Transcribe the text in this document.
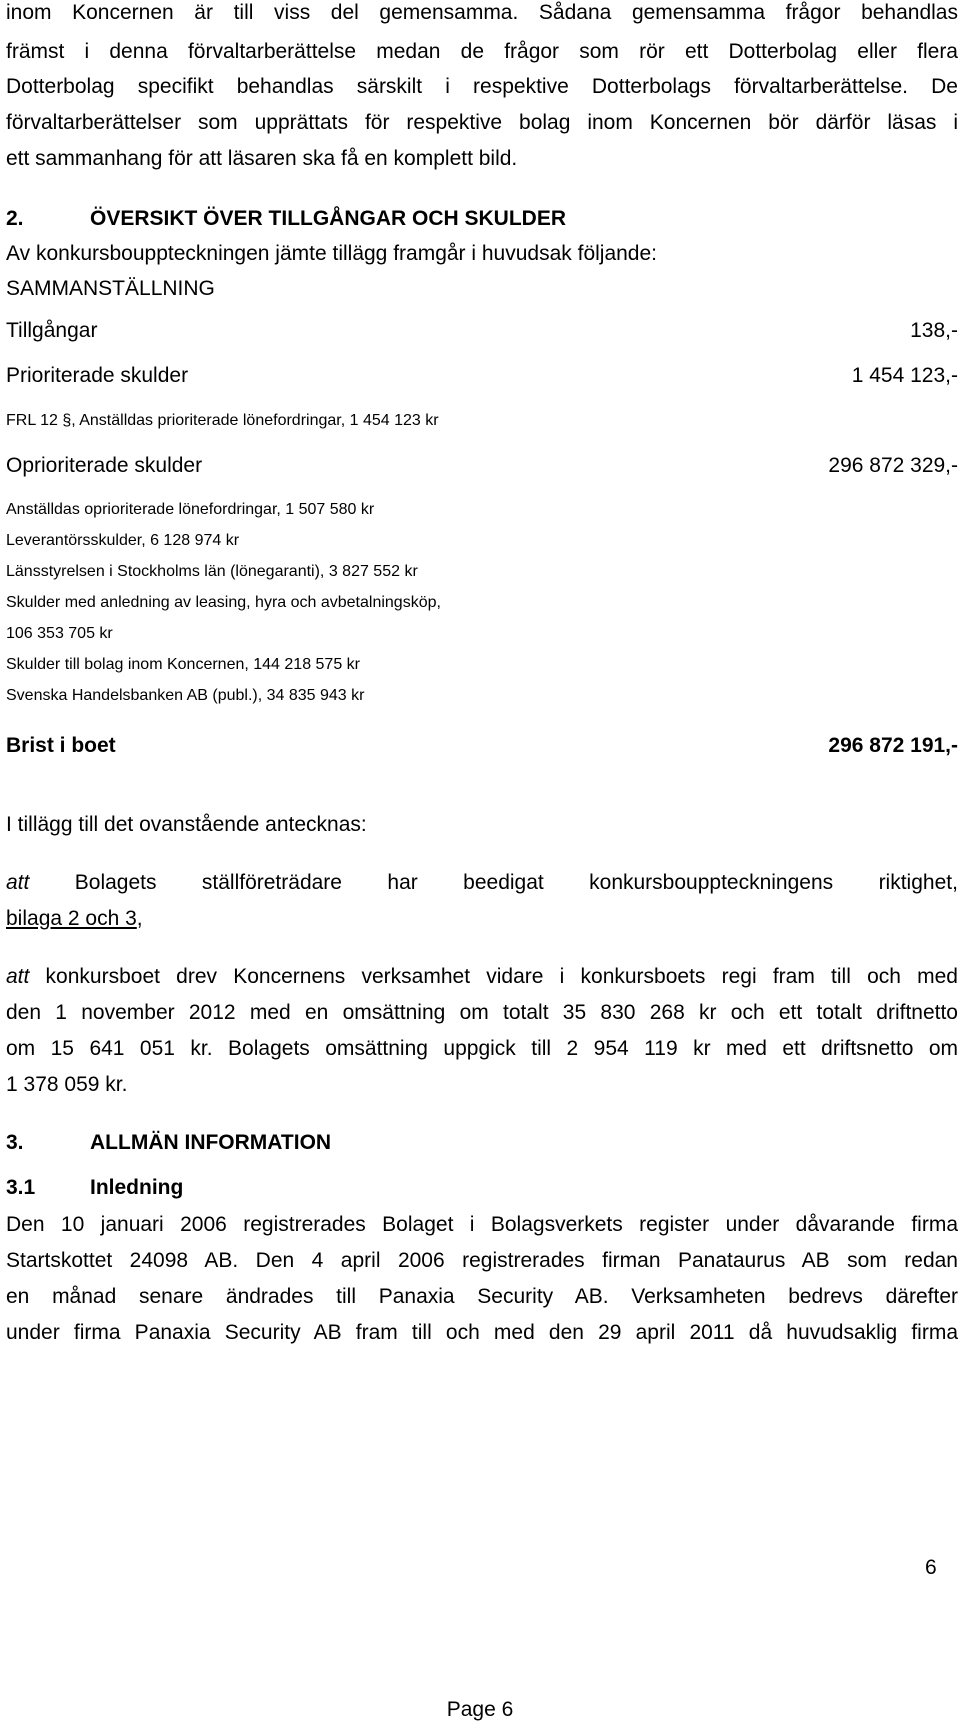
inom Koncernen är till viss del gemensamma. Sådana gemensamma frågor behandlas
främst i denna förvaltarberättelse medan de frågor som rör ett Dotterbolag eller flera
Dotterbolag specifikt behandlas särskilt i respektive Dotterbolags förvaltarberättelse. De
förvaltarberättelser som upprättats för respektive bolag inom Koncernen bör därför läsas i
ett sammanhang för att läsaren ska få en komplett bild.
2.	ÖVERSIKT ÖVER TILLGÅNGAR OCH SKULDER
Av konkursbouppteckningen jämte tillägg framgår i huvudsak följande:
SAMMANSTÄLLNING
Tillgångar	138,-
Prioriterade skulder	1 454 123,-
FRL 12 §, Anställdas prioriterade lönefordringar, 1 454 123 kr
Oprioriterade skulder	296 872 329,-
Anställdas oprioriterade lönefordringar, 1 507 580 kr
Leverantörsskulder, 6 128 974 kr
Länsstyrelsen i Stockholms län (lönegaranti), 3 827 552 kr
Skulder med anledning av leasing, hyra och avbetalningsköp,
106 353 705 kr
Skulder till bolag inom Koncernen, 144 218 575 kr
Svenska Handelsbanken AB (publ.), 34 835 943 kr
Brist i boet	296 872 191,-
I tillägg till det ovanstående antecknas:
att Bolagets ställföreträdare har beedigat konkursbouppteckningens riktighet,
bilaga 2 och 3,
att konkursboet drev Koncernens verksamhet vidare i konkursboets regi fram till och med
den 1 november 2012 med en omsättning om totalt 35 830 268 kr och ett totalt driftnetto
om 15 641 051 kr. Bolagets omsättning uppgick till 2 954 119 kr med ett driftsnetto om
1 378 059 kr.
3.	ALLMÄN INFORMATION
3.1	Inledning
Den 10 januari 2006 registrerades Bolaget i Bolagsverkets register under dåvarande firma
Startskottet 24098 AB. Den 4 april 2006 registrerades firman Panataurus AB som redan
en månad senare ändrades till Panaxia Security AB. Verksamheten bedrevs därefter
under firma Panaxia Security AB fram till och med den 29 april 2011 då huvudsaklig firma
6
Page 6
